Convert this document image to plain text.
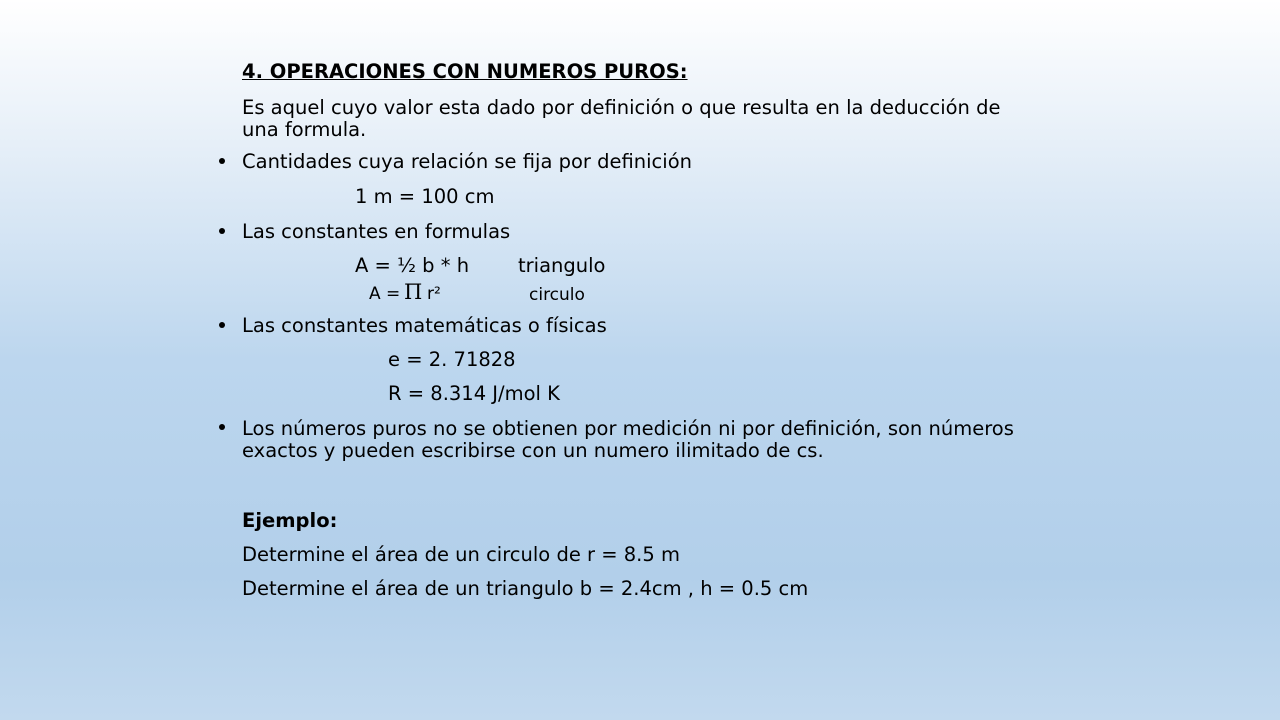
4. OPERACIONES CON NUMEROS PUROS:
Es aquel cuyo valor esta dado por definición o que resulta en la deducción de una formula.
Cantidades cuya relación se fija por definición
1 m = 100 cm
Las constantes en formulas
A = ½ b * h	triangulo
A = Π r²	circulo
Las constantes matemáticas o físicas
e = 2. 71828
R = 8.314 J/mol K
Los números puros no se obtienen por medición ni por definición, son números exactos y pueden escribirse con un numero ilimitado de cs.
Ejemplo:
Determine el área de un circulo de r = 8.5 m
Determine el área de un triangulo b = 2.4cm , h = 0.5 cm
